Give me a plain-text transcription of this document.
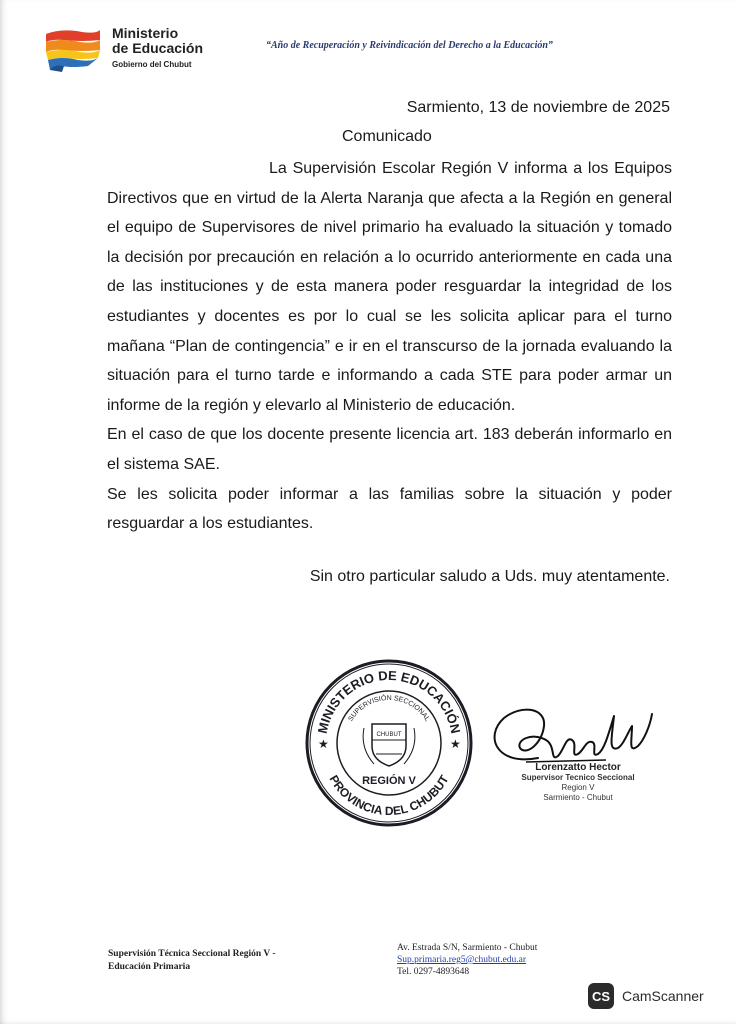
Ministerio
de Educación
Gobierno del Chubut
“Año de Recuperación y Reivindicación del Derecho a la Educación”
Sarmiento, 13 de noviembre de 2025
Comunicado

La Supervisión Escolar Región V informa a los Equipos Directivos que en virtud de la Alerta Naranja que afecta a la Región en general el equipo de Supervisores de nivel primario ha evaluado la situación y tomado la decisión por precaución en relación a lo ocurrido anteriormente en cada una de las instituciones y de esta manera poder resguardar la integridad de los estudiantes y docentes es por lo cual se les solicita aplicar para el turno mañana “Plan de contingencia” e ir en el transcurso de la jornada evaluando la situación para el turno tarde e informando a cada STE para poder armar un informe de la región y elevarlo al Ministerio de educación.

En el caso de que los docente presente licencia art. 183 deberán informarlo en el sistema SAE.

Se les solicita poder informar a las familias sobre la situación y poder resguardar a los estudiantes.

Sin otro particular saludo a Uds. muy atentamente.
MINISTERIO DE EDUCACIÓN
PROVINCIA DEL CHUBUT
SUPERVISIÓN SECCIONAL
★	★
CHUBUT
REGIÓN V
Lorenzatto Hector
Supervisor Tecnico Seccional
Region V
Sarmiento - Chubut
Supervisión Técnica Seccional Región V -
Educación Primaria
Av. Estrada S/N, Sarmiento - Chubut
Sup.primaria.reg5@chubut.edu.ar
Tel. 0297-4893648
CS CamScanner
